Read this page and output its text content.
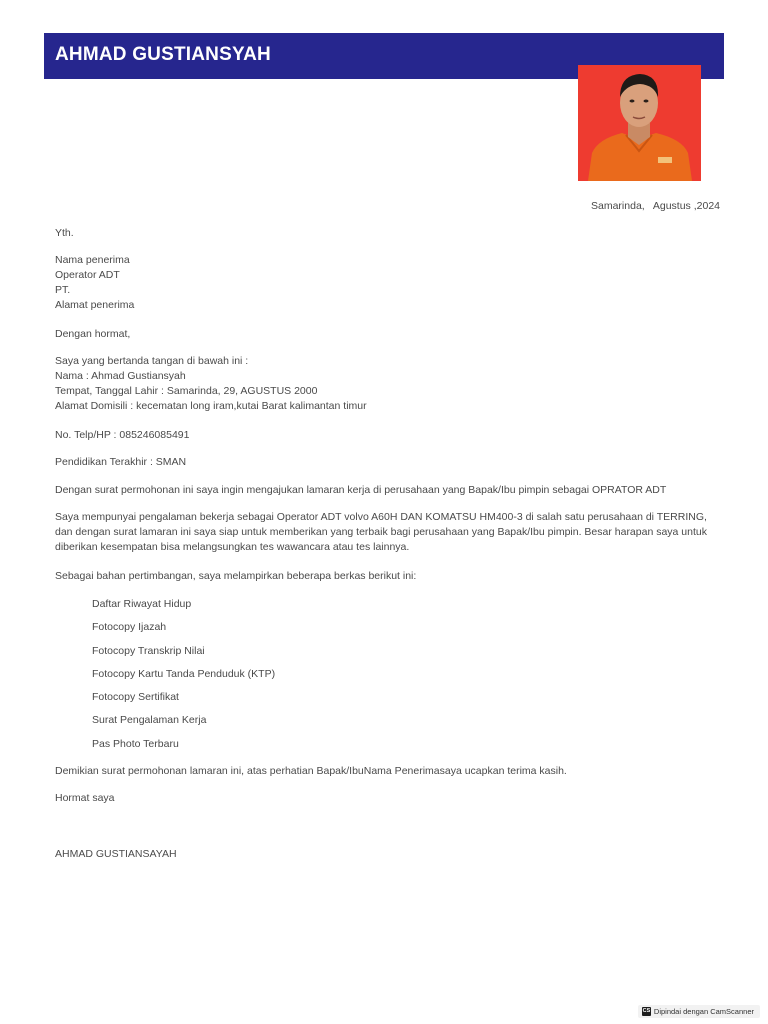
AHMAD GUSTIANSYAH
Samarinda,   Agustus ,2024
Yth.
Nama penerima
Operator ADT
PT.
Alamat penerima
Dengan hormat,
Saya yang bertanda tangan di bawah ini :
Nama : Ahmad Gustiansyah
Tempat, Tanggal Lahir : Samarinda, 29, AGUSTUS 2000
Alamat Domisili : kecematan long iram,kutai Barat kalimantan timur
No. Telp/HP : 085246085491
Pendidikan Terakhir : SMAN
Dengan surat permohonan ini saya ingin mengajukan lamaran kerja di perusahaan yang Bapak/Ibu pimpin sebagai OPRATOR ADT
Saya mempunyai pengalaman bekerja sebagai Operator ADT volvo A60H DAN KOMATSU HM400-3 di salah satu perusahaan di TERRING,
dan dengan surat lamaran ini saya siap untuk memberikan yang terbaik bagi perusahaan yang Bapak/Ibu pimpin. Besar harapan saya untuk
diberikan kesempatan bisa melangsungkan tes wawancara atau tes lainnya.
Sebagai bahan pertimbangan, saya melampirkan beberapa berkas berikut ini:
Daftar Riwayat Hidup
Fotocopy Ijazah
Fotocopy Transkrip Nilai
Fotocopy Kartu Tanda Penduduk (KTP)
Fotocopy Sertifikat
Surat Pengalaman Kerja
Pas Photo Terbaru
Demikian surat permohonan lamaran ini, atas perhatian Bapak/IbuNama Penerimasaya ucapkan terima kasih.
Hormat saya
AHMAD GUSTIANSAYAH
CS Dipindai dengan CamScanner
